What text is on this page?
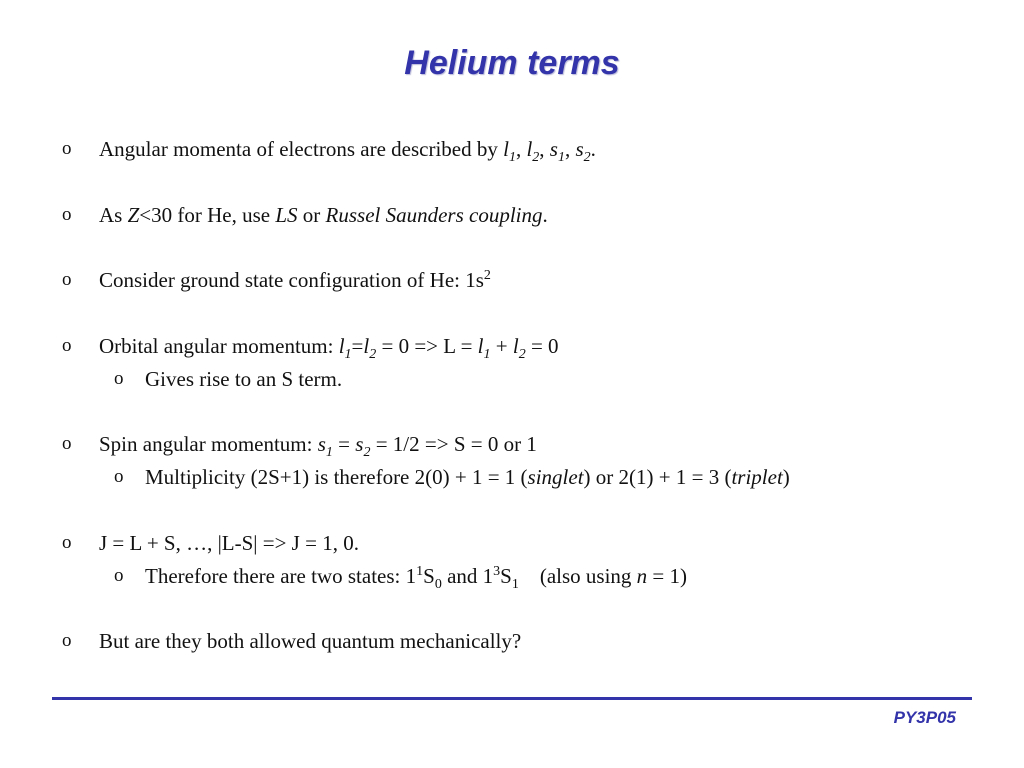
Helium terms
o Angular momenta of electrons are described by $l_1$, $l_2$, $s_1$, $s_2$.
o As Z<30 for He, use LS or Russel Saunders coupling.
o Consider ground state configuration of He: $1s^2$
o Orbital angular momentum: $l_1=l_2 = 0 => L = l_1 + l_2 = 0$
o Gives rise to an S term.
o Spin angular momentum: $s_1 = s_2 = 1/2 => S = 0$ or 1
o Multiplicity (2S+1) is therefore 2(0) + 1 = 1 (singlet) or 2(1) + 1 = 3 (triplet)
o J = L + S, …, |L-S| => J = 1, 0.
o Therefore there are two states: $1^1S_0$ and $1^3S_1$    (also using n = 1)
o But are they both allowed quantum mechanically?
PY3P05
